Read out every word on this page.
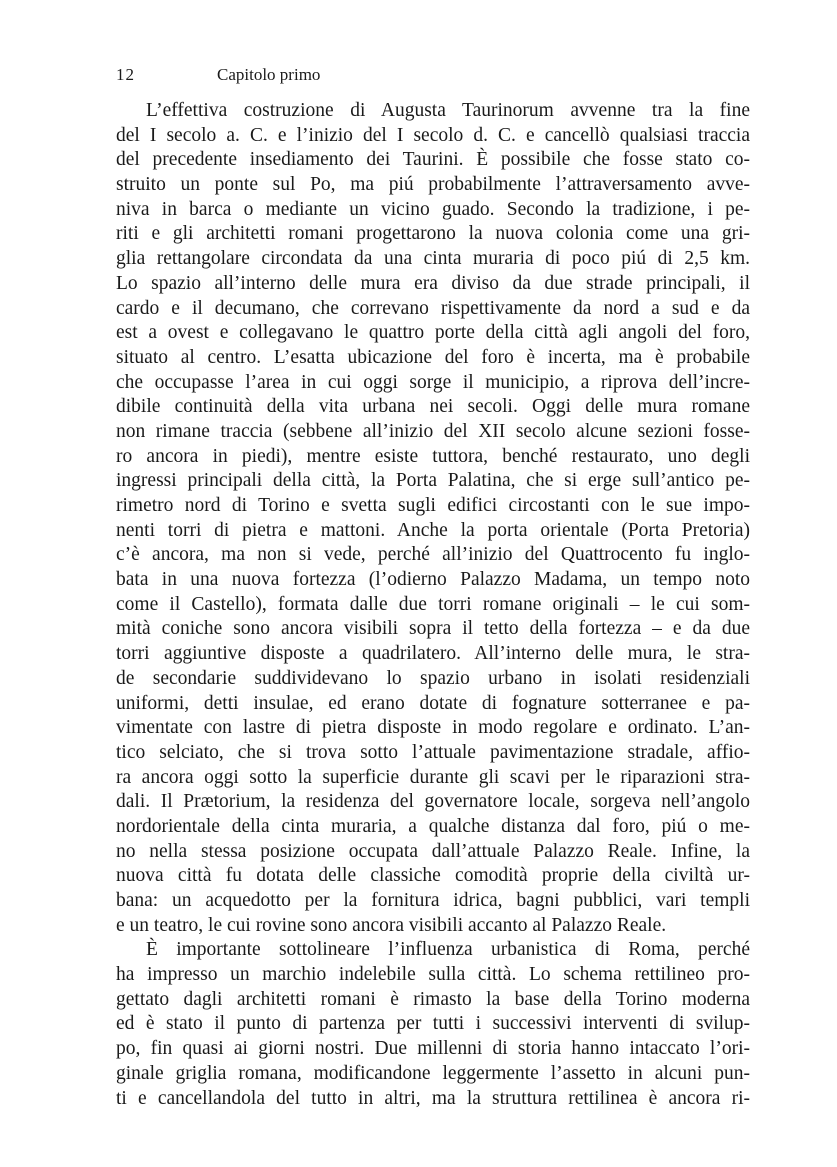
12	Capitolo primo
L’effettiva costruzione di Augusta Taurinorum avvenne tra la fine
del I secolo a. C. e l’inizio del I secolo d. C. e cancellò qualsiasi traccia
del precedente insediamento dei Taurini. È possibile che fosse stato co-
struito un ponte sul Po, ma piú probabilmente l’attraversamento avve-
niva in barca o mediante un vicino guado. Secondo la tradizione, i pe-
riti e gli architetti romani progettarono la nuova colonia come una gri-
glia rettangolare circondata da una cinta muraria di poco piú di 2,5 km.
Lo spazio all’interno delle mura era diviso da due strade principali, il
cardo e il decumano, che correvano rispettivamente da nord a sud e da
est a ovest e collegavano le quattro porte della città agli angoli del foro,
situato al centro. L’esatta ubicazione del foro è incerta, ma è probabile
che occupasse l’area in cui oggi sorge il municipio, a riprova dell’incre-
dibile continuità della vita urbana nei secoli. Oggi delle mura romane
non rimane traccia (sebbene all’inizio del XII secolo alcune sezioni fosse-
ro ancora in piedi), mentre esiste tuttora, benché restaurato, uno degli
ingressi principali della città, la Porta Palatina, che si erge sull’antico pe-
rimetro nord di Torino e svetta sugli edifici circostanti con le sue impo-
nenti torri di pietra e mattoni. Anche la porta orientale (Porta Pretoria)
c’è ancora, ma non si vede, perché all’inizio del Quattrocento fu inglo-
bata in una nuova fortezza (l’odierno Palazzo Madama, un tempo noto
come il Castello), formata dalle due torri romane originali – le cui som-
mità coniche sono ancora visibili sopra il tetto della fortezza – e da due
torri aggiuntive disposte a quadrilatero. All’interno delle mura, le stra-
de secondarie suddividevano lo spazio urbano in isolati residenziali
uniformi, detti insulae, ed erano dotate di fognature sotterranee e pa-
vimentate con lastre di pietra disposte in modo regolare e ordinato. L’an-
tico selciato, che si trova sotto l’attuale pavimentazione stradale, affio-
ra ancora oggi sotto la superficie durante gli scavi per le riparazioni stra-
dali. Il Prætorium, la residenza del governatore locale, sorgeva nell’angolo
nordorientale della cinta muraria, a qualche distanza dal foro, piú o me-
no nella stessa posizione occupata dall’attuale Palazzo Reale. Infine, la
nuova città fu dotata delle classiche comodità proprie della civiltà ur-
bana: un acquedotto per la fornitura idrica, bagni pubblici, vari templi
e un teatro, le cui rovine sono ancora visibili accanto al Palazzo Reale.
È importante sottolineare l’influenza urbanistica di Roma, perché
ha impresso un marchio indelebile sulla città. Lo schema rettilineo pro-
gettato dagli architetti romani è rimasto la base della Torino moderna
ed è stato il punto di partenza per tutti i successivi interventi di svilup-
po, fin quasi ai giorni nostri. Due millenni di storia hanno intaccato l’ori-
ginale griglia romana, modificandone leggermente l’assetto in alcuni pun-
ti e cancellandola del tutto in altri, ma la struttura rettilinea è ancora ri-
